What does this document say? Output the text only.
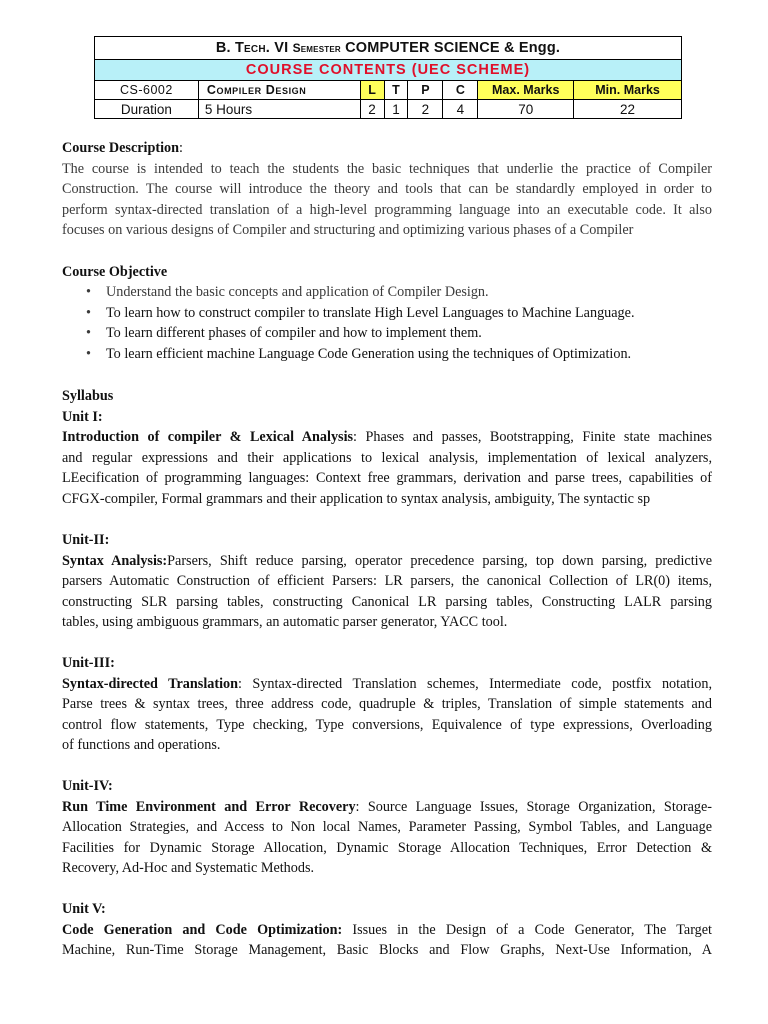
B. Tech. VI Semester COMPUTER SCIENCE & Engg.							
COURSE CONTENTS (UEC SCHEME)							
CS-6002	Compiler Design	L	T	P	C	Max. Marks	Min. Marks
Duration	5 Hours	2	1	2	4	70	22
Course Description:
The course is intended to teach the students the basic techniques that underlie the practice of Compiler
Construction. The course will introduce the theory and tools that can be standardly employed in order to
perform syntax-directed translation of a high-level programming language into an executable code. It also
focuses on various designs of Compiler and structuring and optimizing various phases of a Compiler
Course Objective
• Understand the basic concepts and application of Compiler Design.
• To learn how to construct compiler to translate High Level Languages to Machine Language.
• To learn different phases of compiler and how to implement them.
• To learn efficient machine Language Code Generation using the techniques of Optimization.
Syllabus
Unit I:
Introduction of compiler & Lexical Analysis: Phases and passes, Bootstrapping, Finite state machines
and regular expressions and their applications to lexical analysis, implementation of lexical analyzers,
LEecification of programming languages: Context free grammars, derivation and parse trees, capabilities of
CFGX-compiler, Formal grammars and their application to syntax analysis, ambiguity, The syntactic sp
Unit-II:
Syntax Analysis:Parsers, Shift reduce parsing, operator precedence parsing, top down parsing, predictive
parsers Automatic Construction of efficient Parsers: LR parsers, the canonical Collection of LR(0) items,
constructing SLR parsing tables, constructing Canonical LR parsing tables, Constructing LALR parsing
tables, using ambiguous grammars, an automatic parser generator, YACC tool.
Unit-III:
Syntax-directed Translation: Syntax-directed Translation schemes, Intermediate code, postfix notation,
Parse trees & syntax trees, three address code, quadruple & triples, Translation of simple statements and
control flow statements, Type checking, Type conversions, Equivalence of type expressions, Overloading
of functions and operations.
Unit-IV:
Run Time Environment and Error Recovery: Source Language Issues, Storage Organization, Storage-
Allocation Strategies, and Access to Non local Names, Parameter Passing, Symbol Tables, and Language
Facilities for Dynamic Storage Allocation, Dynamic Storage Allocation Techniques, Error Detection &
Recovery, Ad-Hoc and Systematic Methods.
Unit V:
Code Generation and Code Optimization: Issues in the Design of a Code Generator, The Target
Machine, Run-Time Storage Management, Basic Blocks and Flow Graphs, Next-Use Information, A
